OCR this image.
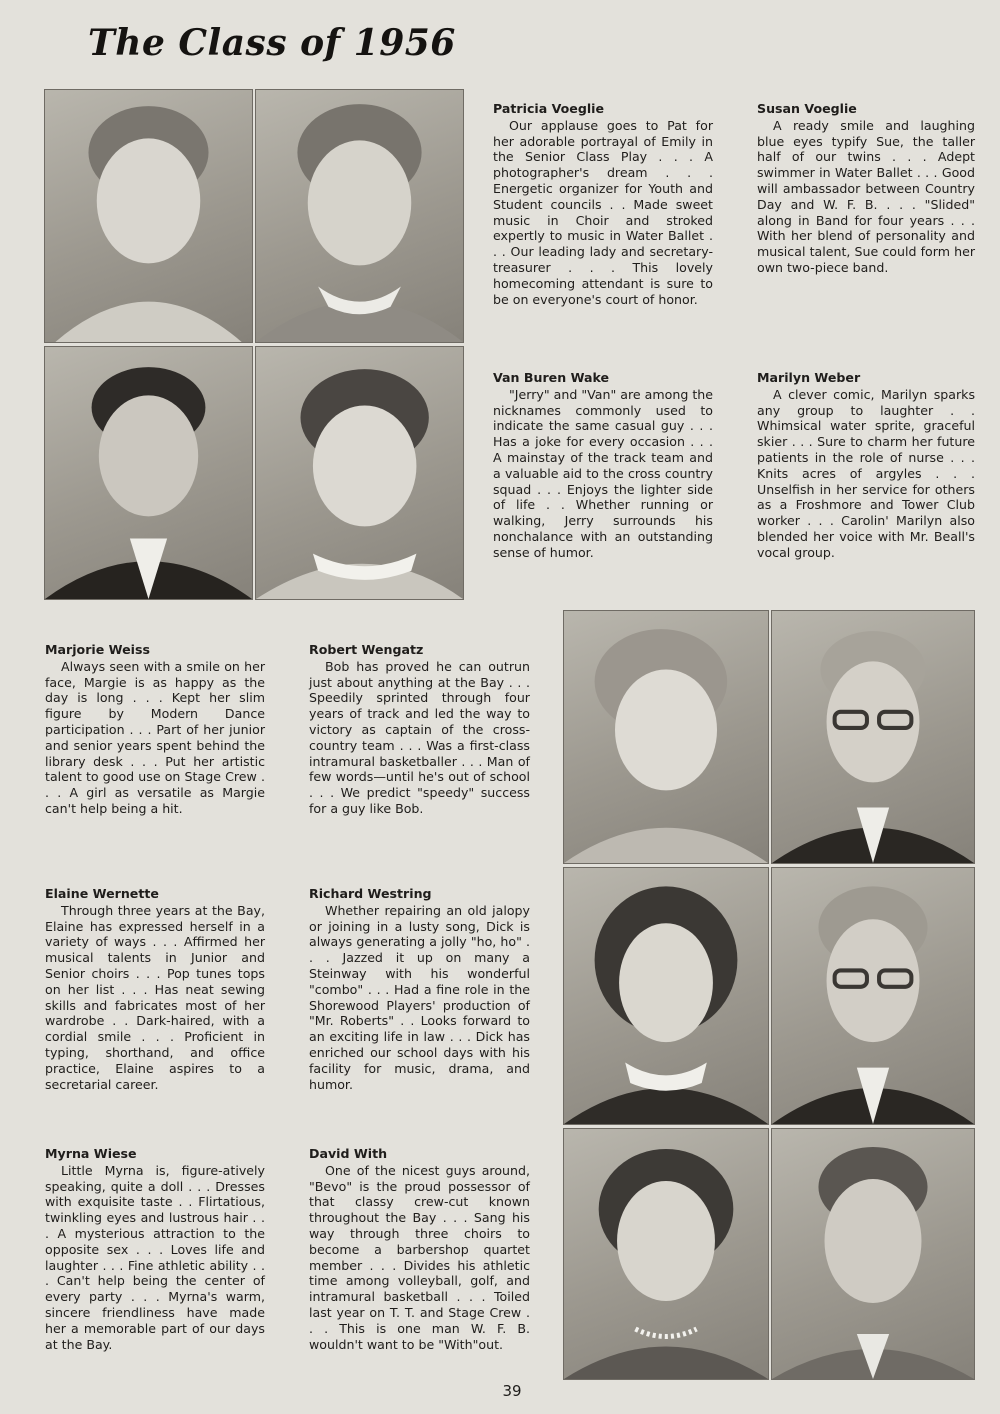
The Class of 1956

Patricia Voeglie

Our applause goes to Pat for her adorable portrayal of Emily in the Senior Class Play . . . A photographer's dream . . . Energetic organizer for Youth and Student councils . . Made sweet music in Choir and stroked expertly to music in Water Ballet . . . Our leading lady and secretary-treasurer . . . This lovely homecoming attendant is sure to be on everyone's court of honor.

Susan Voeglie

A ready smile and laughing blue eyes typify Sue, the taller half of our twins . . . Adept swimmer in Water Ballet . . . Good will ambassador between Country Day and W. F. B. . . . "Slided" along in Band for four years . . . With her blend of personality and musical talent, Sue could form her own two-piece band.

Van Buren Wake

"Jerry" and "Van" are among the nicknames commonly used to indicate the same casual guy . . . Has a joke for every occasion . . . A mainstay of the track team and a valuable aid to the cross country squad . . . Enjoys the lighter side of life . . Whether running or walking, Jerry surrounds his nonchalance with an outstanding sense of humor.

Marilyn Weber

A clever comic, Marilyn sparks any group to laughter . . Whimsical water sprite, graceful skier . . . Sure to charm her future patients in the role of nurse . . . Knits acres of argyles . . . Unselfish in her service for others as a Froshmore and Tower Club worker . . . Carolin' Marilyn also blended her voice with Mr. Beall's vocal group.

Marjorie Weiss

Always seen with a smile on her face, Margie is as happy as the day is long . . . Kept her slim figure by Modern Dance participation . . . Part of her junior and senior years spent behind the library desk . . . Put her artistic talent to good use on Stage Crew . . . A girl as versatile as Margie can't help being a hit.

Robert Wengatz

Bob has proved he can outrun just about anything at the Bay . . . Speedily sprinted through four years of track and led the way to victory as captain of the cross-country team . . . Was a first-class intramural basketballer . . . Man of few words—until he's out of school . . . We predict "speedy" success for a guy like Bob.

Elaine Wernette

Through three years at the Bay, Elaine has expressed herself in a variety of ways . . . Affirmed her musical talents in Junior and Senior choirs . . . Pop tunes tops on her list . . . Has neat sewing skills and fabricates most of her wardrobe . . Dark-haired, with a cordial smile . . . Proficient in typing, shorthand, and office practice, Elaine aspires to a secretarial career.

Richard Westring

Whether repairing an old jalopy or joining in a lusty song, Dick is always generating a jolly "ho, ho" . . . Jazzed it up on many a Steinway with his wonderful "combo" . . . Had a fine role in the Shorewood Players' production of "Mr. Roberts" . . Looks forward to an exciting life in law . . . Dick has enriched our school days with his facility for music, drama, and humor.

Myrna Wiese

Little Myrna is, figure-atively speaking, quite a doll . . . Dresses with exquisite taste . . Flirtatious, twinkling eyes and lustrous hair . . . A mysterious attraction to the opposite sex . . . Loves life and laughter . . . Fine athletic ability . . . Can't help being the center of every party . . . Myrna's warm, sincere friendliness have made her a memorable part of our days at the Bay.

David With

One of the nicest guys around, "Bevo" is the proud possessor of that classy crew-cut known throughout the Bay . . . Sang his way through three choirs to become a barbershop quartet member . . . Divides his athletic time among volleyball, golf, and intramural basketball . . . Toiled last year on T. T. and Stage Crew . . . This is one man W. F. B. wouldn't want to be "With"out.

39
